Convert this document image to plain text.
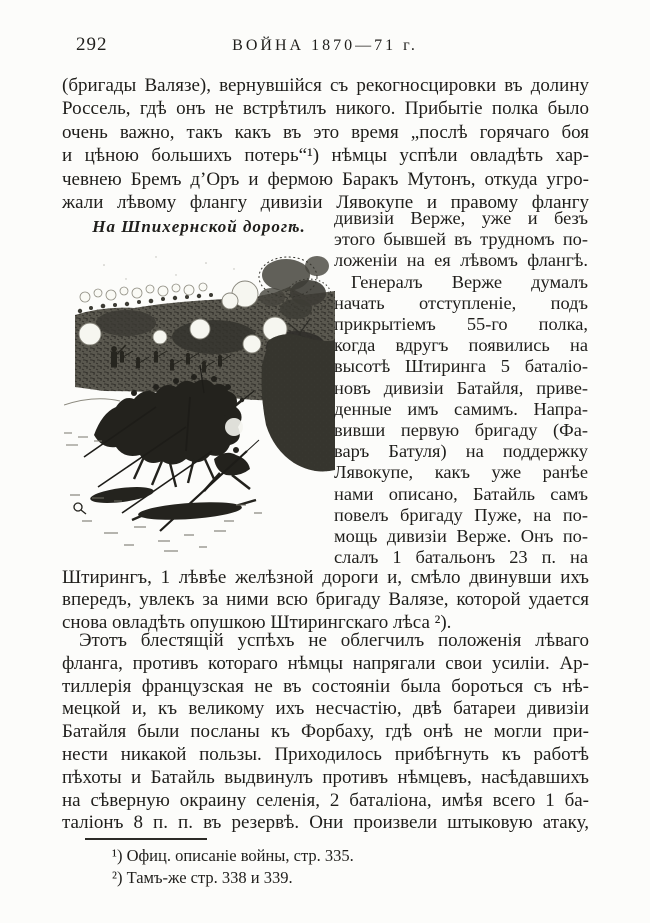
292	ВОЙНА 1870—71 г.
(бригады Валязе), вернувшійся съ рекогносцировки въ долину
Россель, гдѣ онъ не встрѣтилъ никого. Прибытіе полка было
очень важно, такъ какъ въ это время „послѣ горячаго боя
и цѣною большихъ потерь“¹) нѣмцы успѣли овладѣть хар-
чевнею Бремъ д’Оръ и фермою Баракъ Мутонъ, откуда угро-
жали лѣвому флангу дивизіи Лявокупе и правому флангу
На Шпихернской дорогѣ.	дивизіи Верже, уже и безъ
этого бывшей въ трудномъ по-
ложеніи на ея лѣвомъ флангѣ.
Генералъ Верже думалъ
начать отступленіе, подъ
прикрытіемъ 55-го полка,
когда вдругъ появились на
высотѣ Штиринга 5 баталіо-
новъ дивизіи Батайля, приве-
денные имъ самимъ. Напра-
вивши первую бригаду (Фа-
варъ Батуля) на поддержку
Лявокупе, какъ уже ранѣе
нами описано, Батайль самъ
повелъ бригаду Пуже, на по-
мощь дивизіи Верже. Онъ по-
слалъ 1 батальонъ 23 п. на
Штирингъ, 1 лѣвѣе желѣзной дороги и, смѣло двинувши ихъ
впередъ, увлекъ за ними всю бригаду Валязе, которой удается
снова овладѣть опушкою Штирингскаго лѣса ²).
Этотъ блестящій успѣхъ не облегчилъ положенія лѣваго
фланга, противъ котораго нѣмцы напрягали свои усиліи. Ар-
тиллерія французская не въ состояніи была бороться съ нѣ-
мецкой и, къ великому ихъ несчастію, двѣ батареи дивизіи
Батайля были посланы къ Форбаху, гдѣ онѣ не могли при-
нести никакой пользы. Приходилось прибѣгнуть къ работѣ
пѣхоты и Батайль выдвинулъ противъ нѣмцевъ, насѣдавшихъ
на сѣверную окраину селенія, 2 баталіона, имѣя всего 1 ба-
таліонъ 8 п. п. въ резервѣ. Они произвели штыковую атаку,
¹) Офиц. описаніе войны, стр. 335.
²) Тамъ-же стр. 338 и 339.
